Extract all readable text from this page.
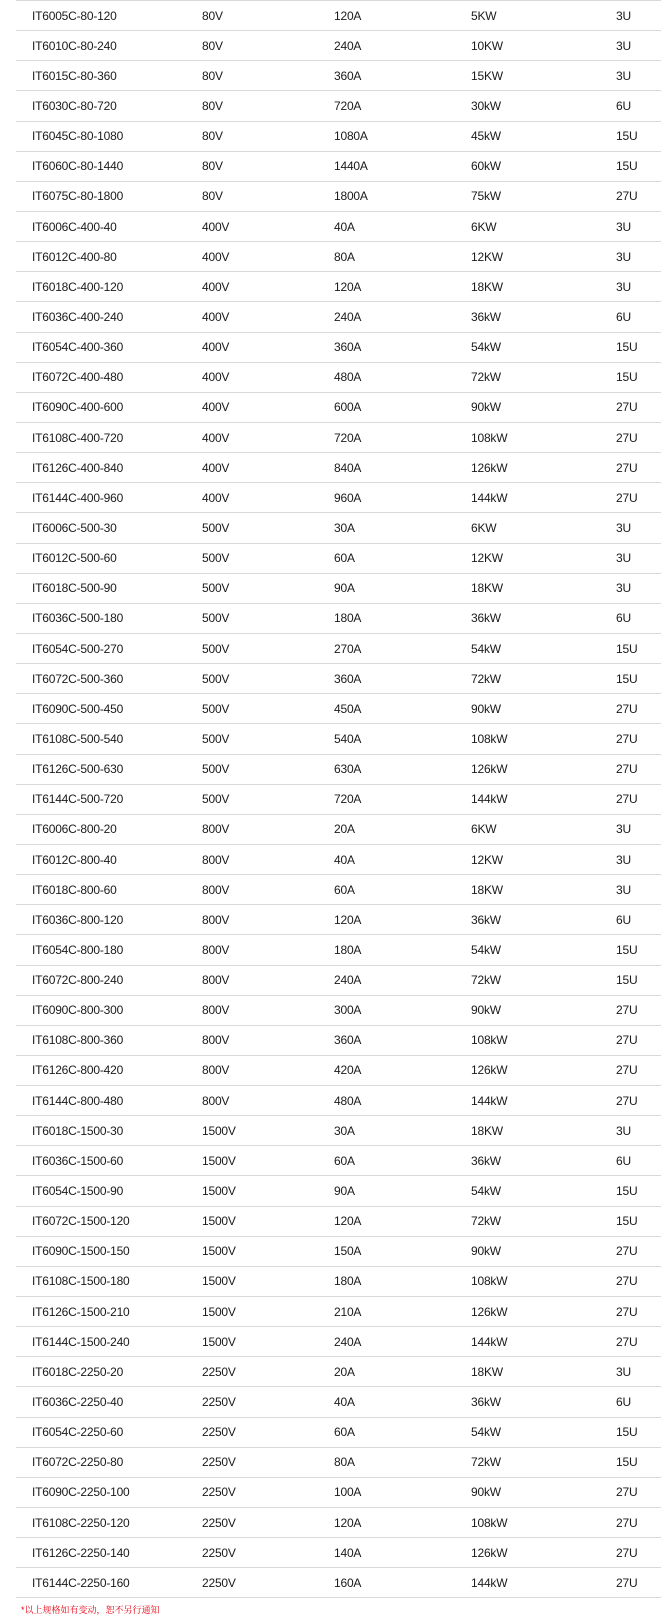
IT6005C-80-120	80V	120A	5KW	3U
IT6010C-80-240	80V	240A	10KW	3U
IT6015C-80-360	80V	360A	15KW	3U
IT6030C-80-720	80V	720A	30kW	6U
IT6045C-80-1080	80V	1080A	45kW	15U
IT6060C-80-1440	80V	1440A	60kW	15U
IT6075C-80-1800	80V	1800A	75kW	27U
IT6006C-400-40	400V	40A	6KW	3U
IT6012C-400-80	400V	80A	12KW	3U
IT6018C-400-120	400V	120A	18KW	3U
IT6036C-400-240	400V	240A	36kW	6U
IT6054C-400-360	400V	360A	54kW	15U
IT6072C-400-480	400V	480A	72kW	15U
IT6090C-400-600	400V	600A	90kW	27U
IT6108C-400-720	400V	720A	108kW	27U
IT6126C-400-840	400V	840A	126kW	27U
IT6144C-400-960	400V	960A	144kW	27U
IT6006C-500-30	500V	30A	6KW	3U
IT6012C-500-60	500V	60A	12KW	3U
IT6018C-500-90	500V	90A	18KW	3U
IT6036C-500-180	500V	180A	36kW	6U
IT6054C-500-270	500V	270A	54kW	15U
IT6072C-500-360	500V	360A	72kW	15U
IT6090C-500-450	500V	450A	90kW	27U
IT6108C-500-540	500V	540A	108kW	27U
IT6126C-500-630	500V	630A	126kW	27U
IT6144C-500-720	500V	720A	144kW	27U
IT6006C-800-20	800V	20A	6KW	3U
IT6012C-800-40	800V	40A	12KW	3U
IT6018C-800-60	800V	60A	18KW	3U
IT6036C-800-120	800V	120A	36kW	6U
IT6054C-800-180	800V	180A	54kW	15U
IT6072C-800-240	800V	240A	72kW	15U
IT6090C-800-300	800V	300A	90kW	27U
IT6108C-800-360	800V	360A	108kW	27U
IT6126C-800-420	800V	420A	126kW	27U
IT6144C-800-480	800V	480A	144kW	27U
IT6018C-1500-30	1500V	30A	18KW	3U
IT6036C-1500-60	1500V	60A	36kW	6U
IT6054C-1500-90	1500V	90A	54kW	15U
IT6072C-1500-120	1500V	120A	72kW	15U
IT6090C-1500-150	1500V	150A	90kW	27U
IT6108C-1500-180	1500V	180A	108kW	27U
IT6126C-1500-210	1500V	210A	126kW	27U
IT6144C-1500-240	1500V	240A	144kW	27U
IT6018C-2250-20	2250V	20A	18KW	3U
IT6036C-2250-40	2250V	40A	36kW	6U
IT6054C-2250-60	2250V	60A	54kW	15U
IT6072C-2250-80	2250V	80A	72kW	15U
IT6090C-2250-100	2250V	100A	90kW	27U
IT6108C-2250-120	2250V	120A	108kW	27U
IT6126C-2250-140	2250V	140A	126kW	27U
IT6144C-2250-160	2250V	160A	144kW	27U
*以上规格如有变动，恕不另行通知
